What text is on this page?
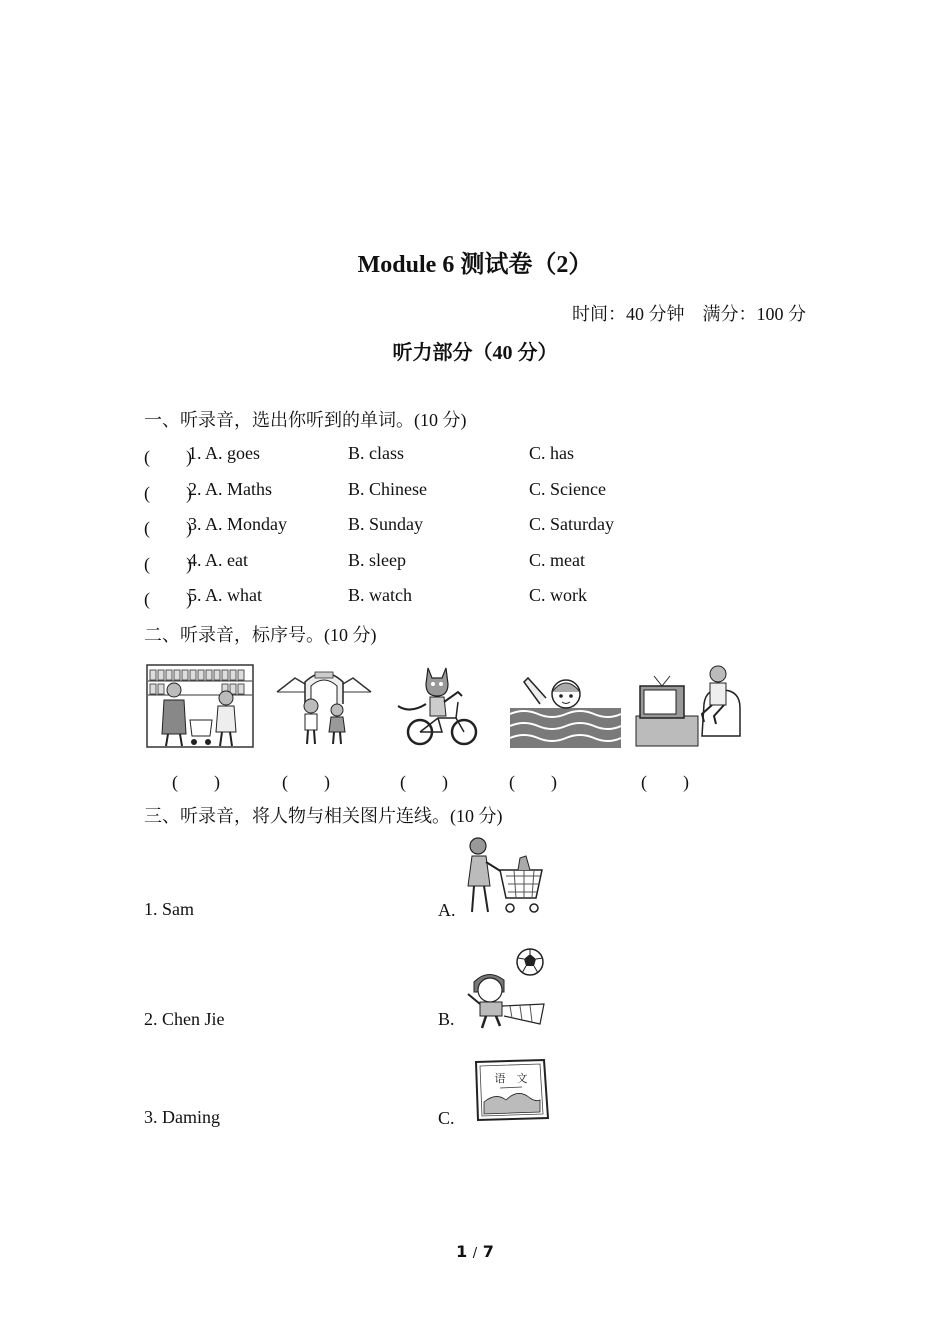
Module 6 测试卷（2）
时间：40 分钟　满分：100 分
听力部分（40 分）
一、听录音，选出你听到的单词。(10 分)
(　　)
1. A. goes	B. class	C. has
(　　)
2. A. Maths	B. Chinese	C. Science
(　　)
3. A. Monday	B. Sunday	C. Saturday
(　　)
4. A. eat	B. sleep	C. meat
(　　)
5. A. what	B. watch	C. work
二、听录音，标序号。(10 分)
(　　)	(　　)	(　　)	(　　)	(　　)
三、听录音，将人物与相关图片连线。(10 分)
1. Sam
2. Chen Jie
3. Daming
A.
B.
C.
语　文
1 / 7
